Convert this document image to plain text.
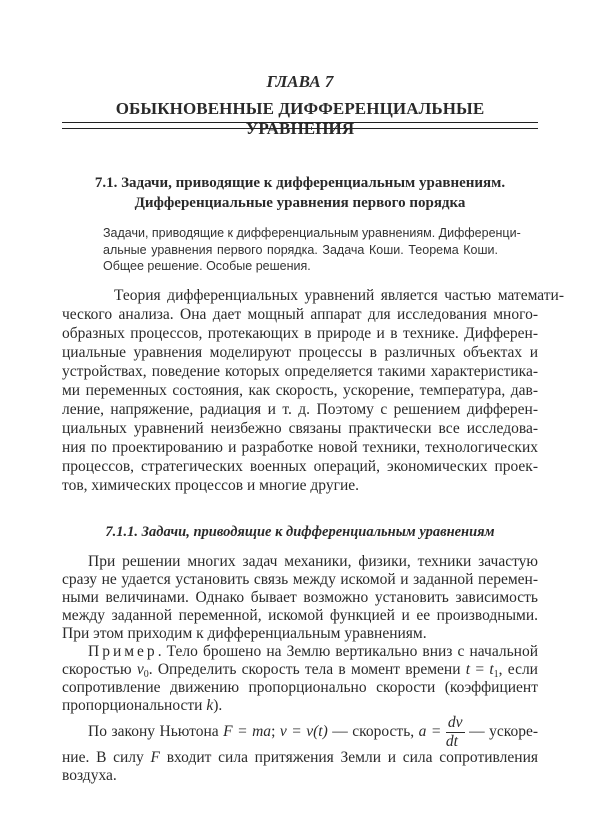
ГЛАВА 7
ОБЫКНОВЕННЫЕ ДИФФЕРЕНЦИАЛЬНЫЕ УРАВНЕНИЯ
7.1. Задачи, приводящие к дифференциальным уравнениям.
Дифференциальные уравнения первого порядка
Задачи, приводящие к дифференциальным уравнениям. Дифференци-
альные уравнения первого порядка. Задача Коши. Теорема Коши.
Общее решение. Особые решения.
Теория дифференциальных уравнений является частью математи-
ческого анализа. Она дает мощный аппарат для исследования много-
образных процессов, протекающих в природе и в технике. Дифферен-
циальные уравнения моделируют процессы в различных объектах и
устройствах, поведение которых определяется такими характеристика-
ми переменных состояния, как скорость, ускорение, температура, дав-
ление, напряжение, радиация и т. д. Поэтому с решением дифферен-
циальных уравнений неизбежно связаны практически все исследова-
ния по проектированию и разработке новой техники, технологических
процессов, стратегических военных операций, экономических проек-
тов, химических процессов и многие другие.
7.1.1. Задачи, приводящие к дифференциальным уравнениям
При решении многих задач механики, физики, техники зачастую
сразу не удается установить связь между искомой и заданной перемен-
ными величинами. Однако бывает возможно установить зависимость
между заданной переменной, искомой функцией и ее производными.
При этом приходим к дифференциальным уравнениям.
Пример. Тело брошено на Землю вертикально вниз с начальной
скоростью $v_0$. Определить скорость тела в момент времени $t = t_1$, если
сопротивление движению пропорционально скорости (коэффициент
пропорциональности k).
По закону Ньютона F = ma; v = v(t) — скорость, $a = \frac{dv}{dt}$ — ускоре-
ние. В силу F входит сила притяжения Земли и сила сопротивления
воздуха.
